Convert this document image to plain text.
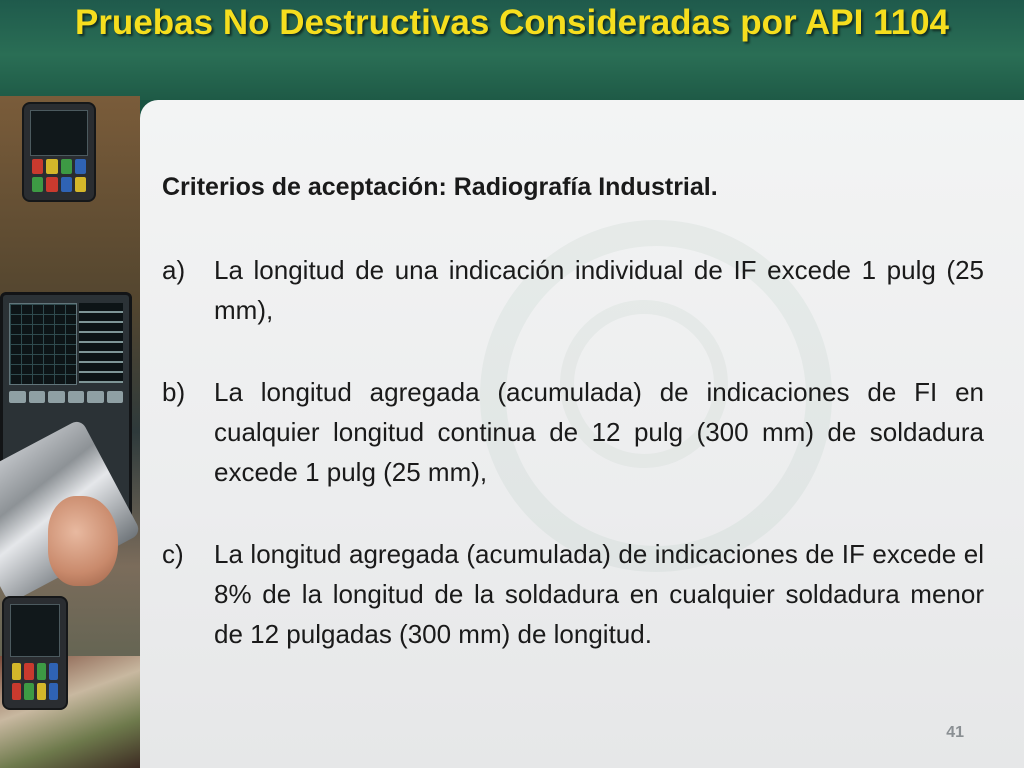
Pruebas No Destructivas Consideradas por API 1104
Criterios de aceptación: Radiografía Industrial.
a)	La longitud de una indicación individual de IF excede 1 pulg (25 mm),
b)	La longitud agregada (acumulada) de indicaciones de FI en cualquier longitud continua de 12 pulg (300 mm) de soldadura excede 1 pulg (25 mm),
c)	La longitud agregada (acumulada) de indicaciones de IF excede el 8% de la longitud de la soldadura en cualquier soldadura menor de 12 pulgadas (300 mm) de longitud.
41
